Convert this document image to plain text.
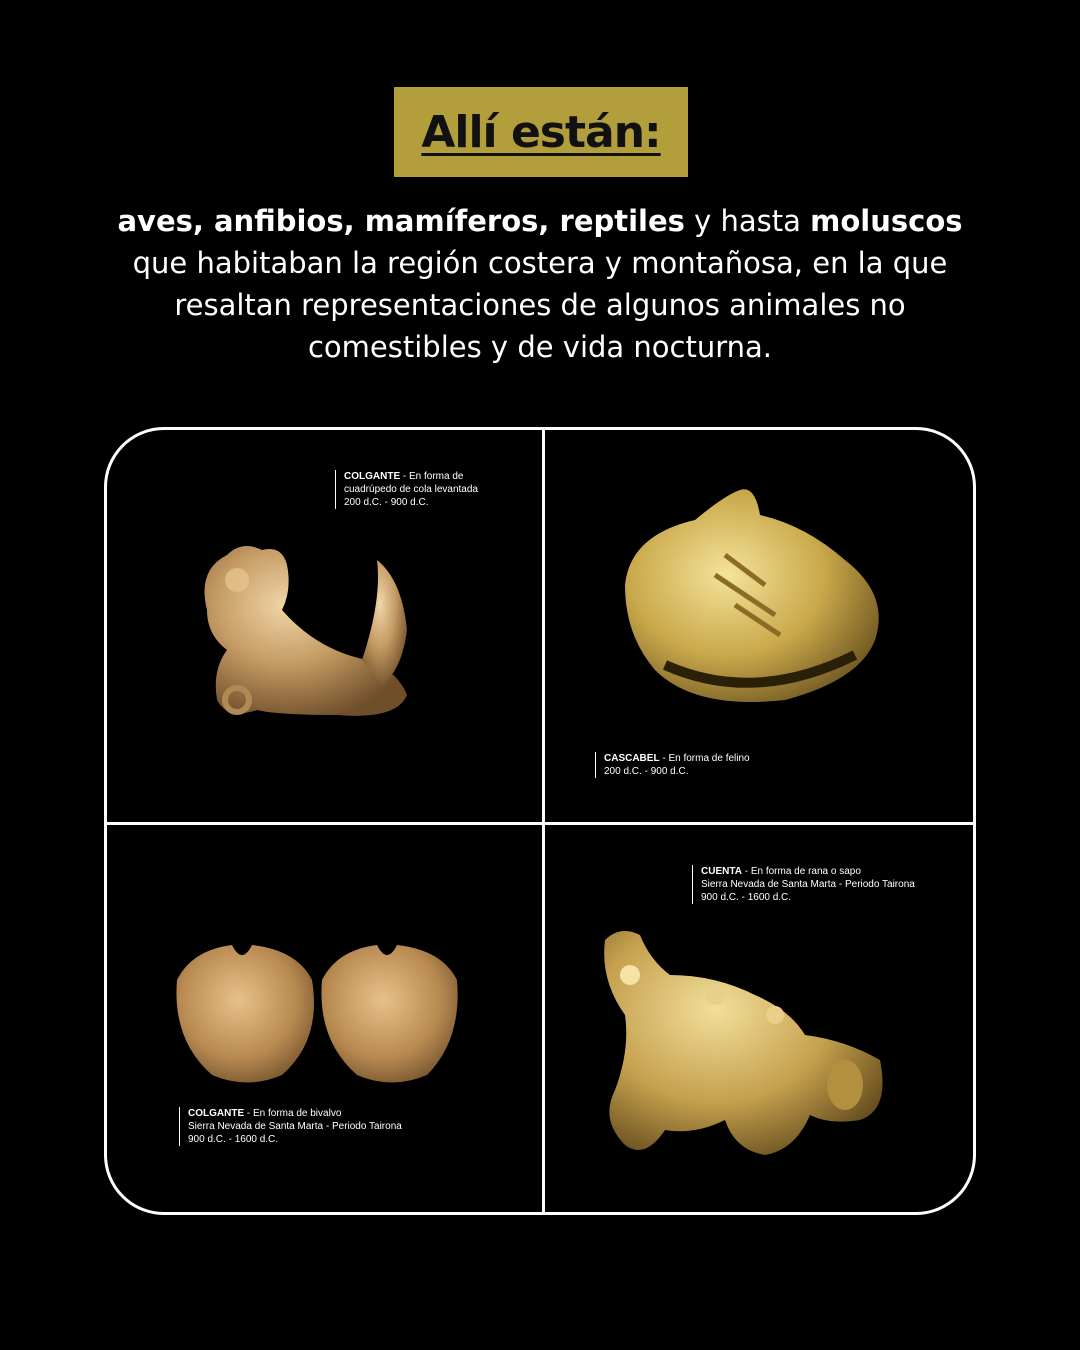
Allí están:
aves, anfibios, mamíferos, reptiles y hasta moluscos que habitaban la región costera y montañosa, en la que resaltan representaciones de algunos animales no comestibles y de vida nocturna.
COLGANTE - En forma de
cuadrúpedo de cola levantada
200 d.C. - 900 d.C.
CASCABEL - En forma de felino
200 d.C. - 900 d.C.
COLGANTE - En forma de bivalvo
Sierra Nevada de Santa Marta - Periodo Tairona
900 d.C. - 1600 d.C.
CUENTA - En forma de rana o sapo
Sierra Nevada de Santa Marta - Periodo Tairona
900 d.C. - 1600 d.C.
